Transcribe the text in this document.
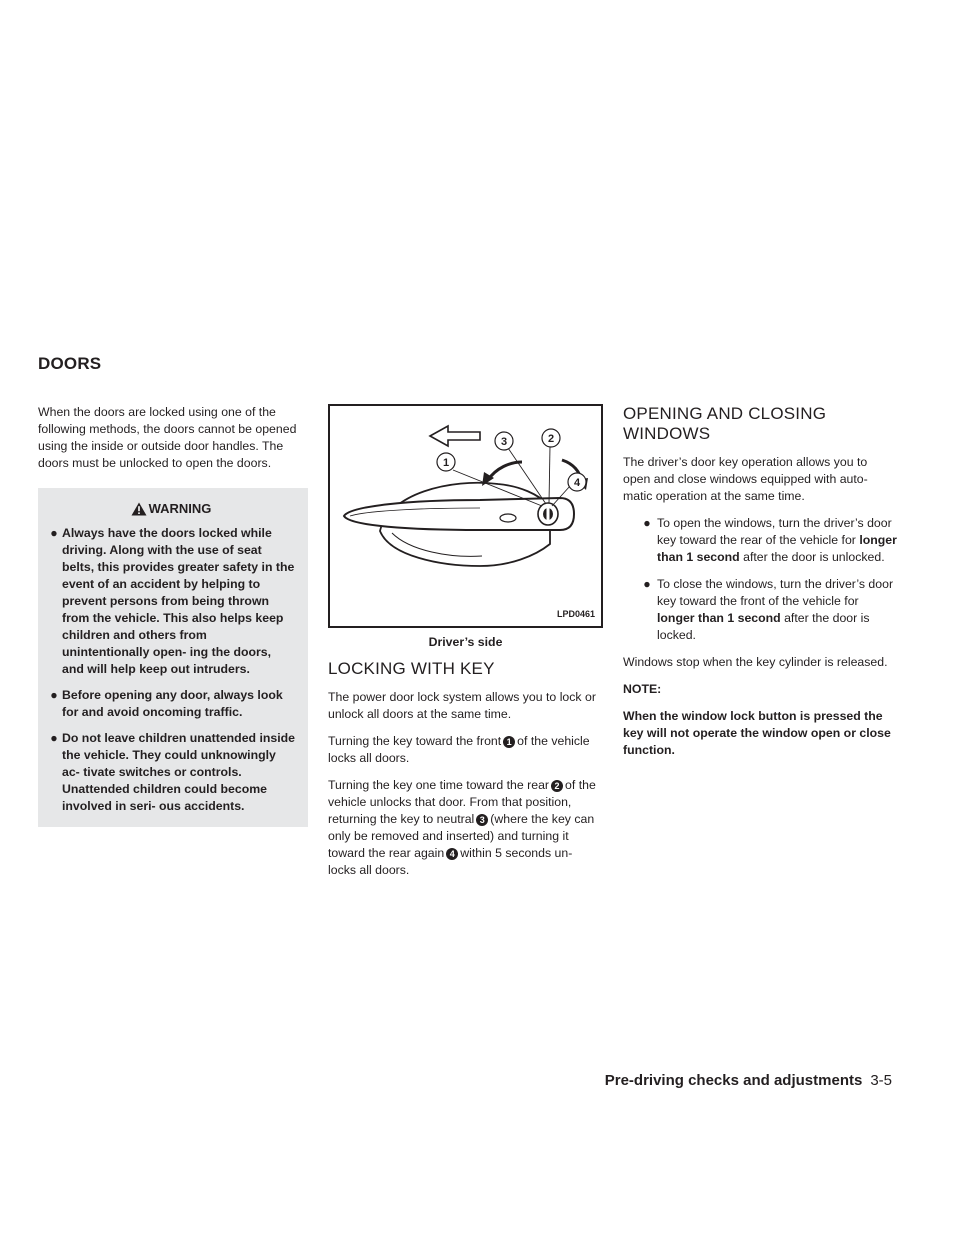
DOORS

When the doors are locked using one of the following methods, the doors cannot be opened using the inside or outside door handles. The doors must be unlocked to open the doors.

WARNING
● Always have the doors locked while driving. Along with the use of seat belts, this provides greater safety in the event of an accident by helping to prevent persons from being thrown from the vehicle. This also helps keep children and others from unintentionally open- ing the doors, and will help keep out intruders.
● Before opening any door, always look for and avoid oncoming traffic.
● Do not leave children unattended inside the vehicle. They could unknowingly ac- tivate switches or controls. Unattended children could become involved in seri- ous accidents.
1
3	2
4
LPD0461
Driver’s side
LOCKING WITH KEY

The power door lock system allows you to lock or unlock all doors at the same time.

Turning the key toward the front 1 of the vehicle locks all doors.

Turning the key one time toward the rear 2 of the vehicle unlocks that door. From that position, returning the key to neutral 3 (where the key can only be removed and inserted) and turning it toward the rear again 4 within 5 seconds un- locks all doors.

OPENING AND CLOSING
WINDOWS

The driver’s door key operation allows you to open and close windows equipped with auto- matic operation at the same time.

● To open the windows, turn the driver’s door key toward the rear of the vehicle for longer than 1 second after the door is unlocked.
● To close the windows, turn the driver’s door key toward the front of the vehicle for longer than 1 second after the door is locked.

Windows stop when the key cylinder is released.

NOTE:

When the window lock button is pressed the key will not operate the window open or close function.

Pre-driving checks and adjustments 3-5
